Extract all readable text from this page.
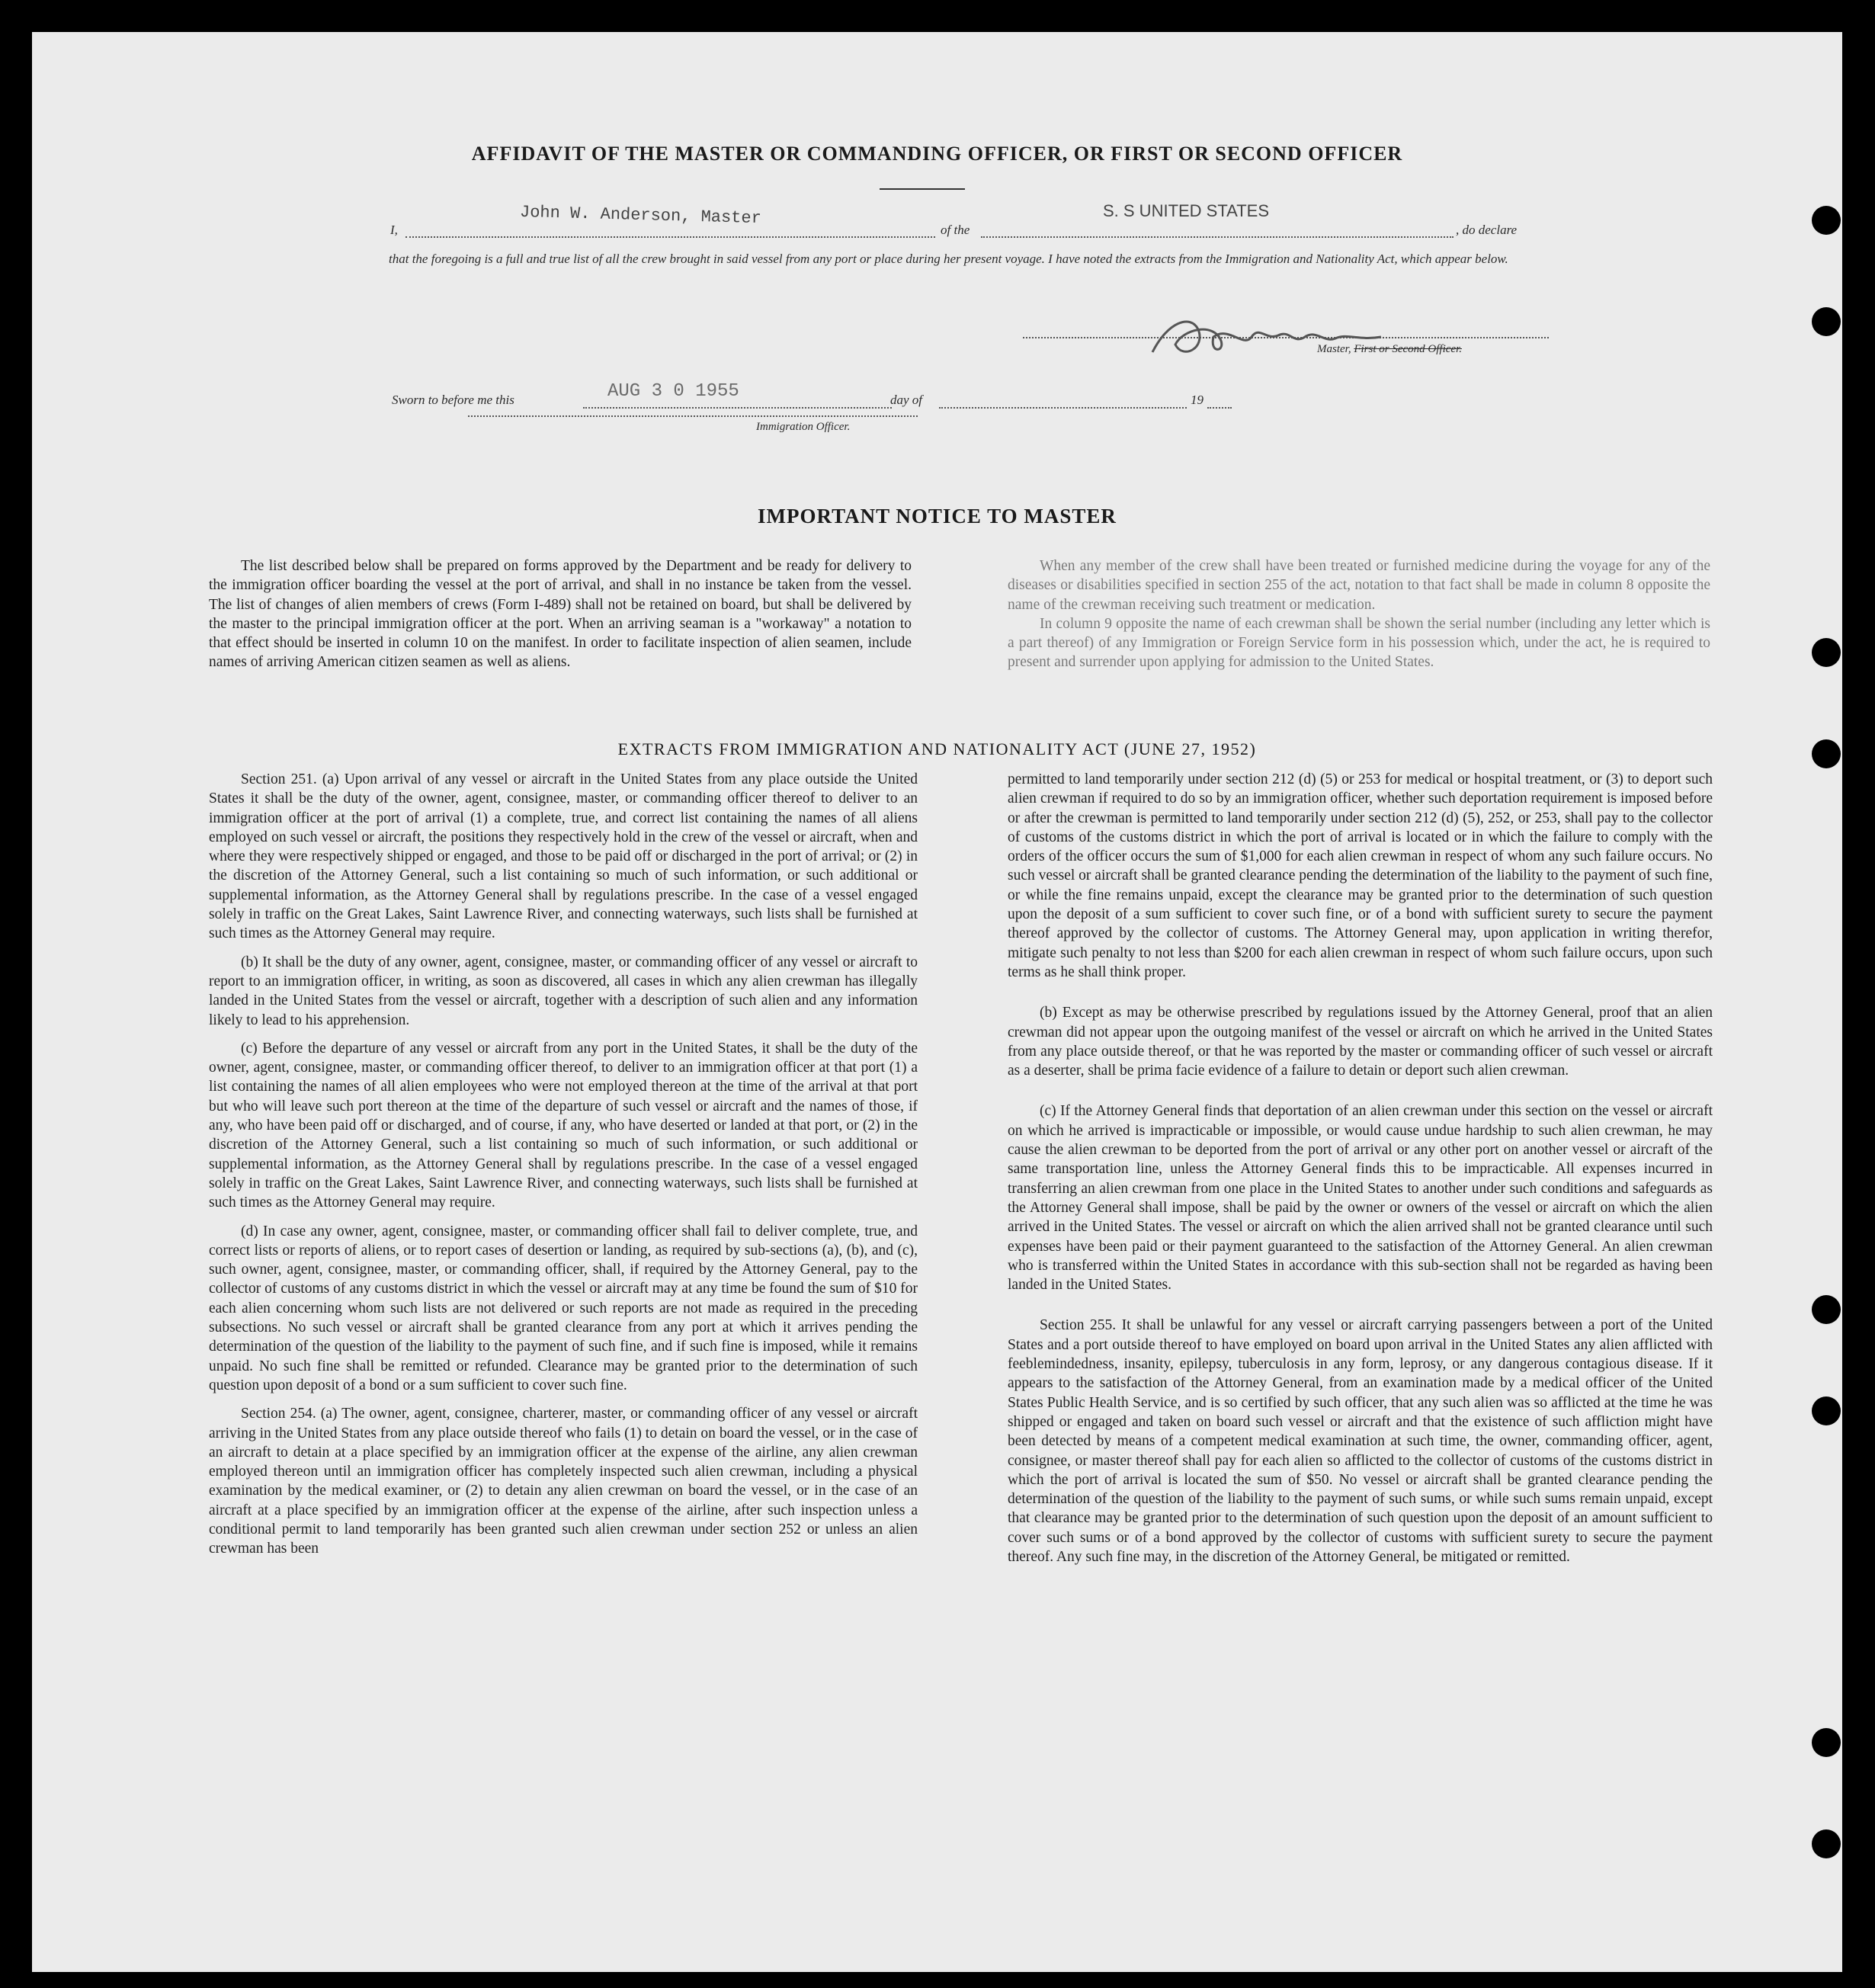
AFFIDAVIT OF THE MASTER OR COMMANDING OFFICER, OR FIRST OR SECOND OFFICER
John W. Anderson, Master	S. S UNITED STATES
I,	of the	, do declare
that the foregoing is a full and true list of all the crew brought in said vessel from any port or place during her present voyage. I have noted the extracts from the Immigration and Nationality Act, which appear below.
Master, First or Second Officer.
Sworn to before me this	AUG 3 0 1955	day of	19
Immigration Officer.
IMPORTANT NOTICE TO MASTER

The list described below shall be prepared on forms approved by the Department and be ready for delivery to the immigration officer boarding the vessel at the port of arrival, and shall in no instance be taken from the vessel. The list of changes of alien members of crews (Form I-489) shall not be retained on board, but shall be delivered by the master to the principal immigration officer at the port. When an arriving seaman is a "workaway" a notation to that effect should be inserted in column 10 on the manifest. In order to facilitate inspection of alien seamen, include names of arriving American citizen seamen as well as aliens.

When any member of the crew shall have been treated or furnished medicine during the voyage for any of the diseases or disabilities specified in section 255 of the act, notation to that fact shall be made in column 8 opposite the name of the crewman receiving such treatment or medication.

In column 9 opposite the name of each crewman shall be shown the serial number (including any letter which is a part thereof) of any Immigration or Foreign Service form in his possession which, under the act, he is required to present and surrender upon applying for admission to the United States.

EXTRACTS FROM IMMIGRATION AND NATIONALITY ACT (JUNE 27, 1952)

Section 251. (a) Upon arrival of any vessel or aircraft in the United States from any place outside the United States it shall be the duty of the owner, agent, consignee, master, or commanding officer thereof to deliver to an immigration officer at the port of arrival (1) a complete, true, and correct list containing the names of all aliens employed on such vessel or aircraft, the positions they respectively hold in the crew of the vessel or aircraft, when and where they were respectively shipped or engaged, and those to be paid off or discharged in the port of arrival; or (2) in the discretion of the Attorney General, such a list containing so much of such information, or such additional or supplemental information, as the Attorney General shall by regulations prescribe. In the case of a vessel engaged solely in traffic on the Great Lakes, Saint Lawrence River, and connecting waterways, such lists shall be furnished at such times as the Attorney General may require.

(b) It shall be the duty of any owner, agent, consignee, master, or commanding officer of any vessel or aircraft to report to an immigration officer, in writing, as soon as discovered, all cases in which any alien crewman has illegally landed in the United States from the vessel or aircraft, together with a description of such alien and any information likely to lead to his apprehension.

(c) Before the departure of any vessel or aircraft from any port in the United States, it shall be the duty of the owner, agent, consignee, master, or commanding officer thereof, to deliver to an immigration officer at that port (1) a list containing the names of all alien employees who were not employed thereon at the time of the arrival at that port but who will leave such port thereon at the time of the departure of such vessel or aircraft and the names of those, if any, who have been paid off or discharged, and of course, if any, who have deserted or landed at that port, or (2) in the discretion of the Attorney General, such a list containing so much of such information, or such additional or supplemental information, as the Attorney General shall by regulations prescribe. In the case of a vessel engaged solely in traffic on the Great Lakes, Saint Lawrence River, and connecting waterways, such lists shall be furnished at such times as the Attorney General may require.

(d) In case any owner, agent, consignee, master, or commanding officer shall fail to deliver complete, true, and correct lists or reports of aliens, or to report cases of desertion or landing, as required by sub-sections (a), (b), and (c), such owner, agent, consignee, master, or commanding officer, shall, if required by the Attorney General, pay to the collector of customs of any customs district in which the vessel or aircraft may at any time be found the sum of $10 for each alien concerning whom such lists are not delivered or such reports are not made as required in the preceding subsections. No such vessel or aircraft shall be granted clearance from any port at which it arrives pending the determination of the question of the liability to the payment of such fine, and if such fine is imposed, while it remains unpaid. No such fine shall be remitted or refunded. Clearance may be granted prior to the determination of such question upon deposit of a bond or a sum sufficient to cover such fine.

Section 254. (a) The owner, agent, consignee, charterer, master, or commanding officer of any vessel or aircraft arriving in the United States from any place outside thereof who fails (1) to detain on board the vessel, or in the case of an aircraft to detain at a place specified by an immigration officer at the expense of the airline, any alien crewman employed thereon until an immigration officer has completely inspected such alien crewman, including a physical examination by the medical examiner, or (2) to detain any alien crewman on board the vessel, or in the case of an aircraft at a place specified by an immigration officer at the expense of the airline, after such inspection unless a conditional permit to land temporarily has been granted such alien crewman under section 252 or unless an alien crewman has been

permitted to land temporarily under section 212 (d) (5) or 253 for medical or hospital treatment, or (3) to deport such alien crewman if required to do so by an immigration officer, whether such deportation requirement is imposed before or after the crewman is permitted to land temporarily under section 212 (d) (5), 252, or 253, shall pay to the collector of customs of the customs district in which the port of arrival is located or in which the failure to comply with the orders of the officer occurs the sum of $1,000 for each alien crewman in respect of whom any such failure occurs. No such vessel or aircraft shall be granted clearance pending the determination of the liability to the payment of such fine, or while the fine remains unpaid, except the clearance may be granted prior to the determination of such question upon the deposit of a sum sufficient to cover such fine, or of a bond with sufficient surety to secure the payment thereof approved by the collector of customs. The Attorney General may, upon application in writing therefor, mitigate such penalty to not less than $200 for each alien crewman in respect of whom such failure occurs, upon such terms as he shall think proper.

(b) Except as may be otherwise prescribed by regulations issued by the Attorney General, proof that an alien crewman did not appear upon the outgoing manifest of the vessel or aircraft on which he arrived in the United States from any place outside thereof, or that he was reported by the master or commanding officer of such vessel or aircraft as a deserter, shall be prima facie evidence of a failure to detain or deport such alien crewman.

(c) If the Attorney General finds that deportation of an alien crewman under this section on the vessel or aircraft on which he arrived is impracticable or impossible, or would cause undue hardship to such alien crewman, he may cause the alien crewman to be deported from the port of arrival or any other port on another vessel or aircraft of the same transportation line, unless the Attorney General finds this to be impracticable. All expenses incurred in transferring an alien crewman from one place in the United States to another under such conditions and safeguards as the Attorney General shall impose, shall be paid by the owner or owners of the vessel or aircraft on which the alien arrived in the United States. The vessel or aircraft on which the alien arrived shall not be granted clearance until such expenses have been paid or their payment guaranteed to the satisfaction of the Attorney General. An alien crewman who is transferred within the United States in accordance with this sub-section shall not be regarded as having been landed in the United States.

Section 255. It shall be unlawful for any vessel or aircraft carrying passengers between a port of the United States and a port outside thereof to have employed on board upon arrival in the United States any alien afflicted with feeblemindedness, insanity, epilepsy, tuberculosis in any form, leprosy, or any dangerous contagious disease. If it appears to the satisfaction of the Attorney General, from an examination made by a medical officer of the United States Public Health Service, and is so certified by such officer, that any such alien was so afflicted at the time he was shipped or engaged and taken on board such vessel or aircraft and that the existence of such affliction might have been detected by means of a competent medical examination at such time, the owner, commanding officer, agent, consignee, or master thereof shall pay for each alien so afflicted to the collector of customs of the customs district in which the port of arrival is located the sum of $50. No vessel or aircraft shall be granted clearance pending the determination of the question of the liability to the payment of such sums, or while such sums remain unpaid, except that clearance may be granted prior to the determination of such question upon the deposit of an amount sufficient to cover such sums or of a bond approved by the collector of customs with sufficient surety to secure the payment thereof. Any such fine may, in the discretion of the Attorney General, be mitigated or remitted.
